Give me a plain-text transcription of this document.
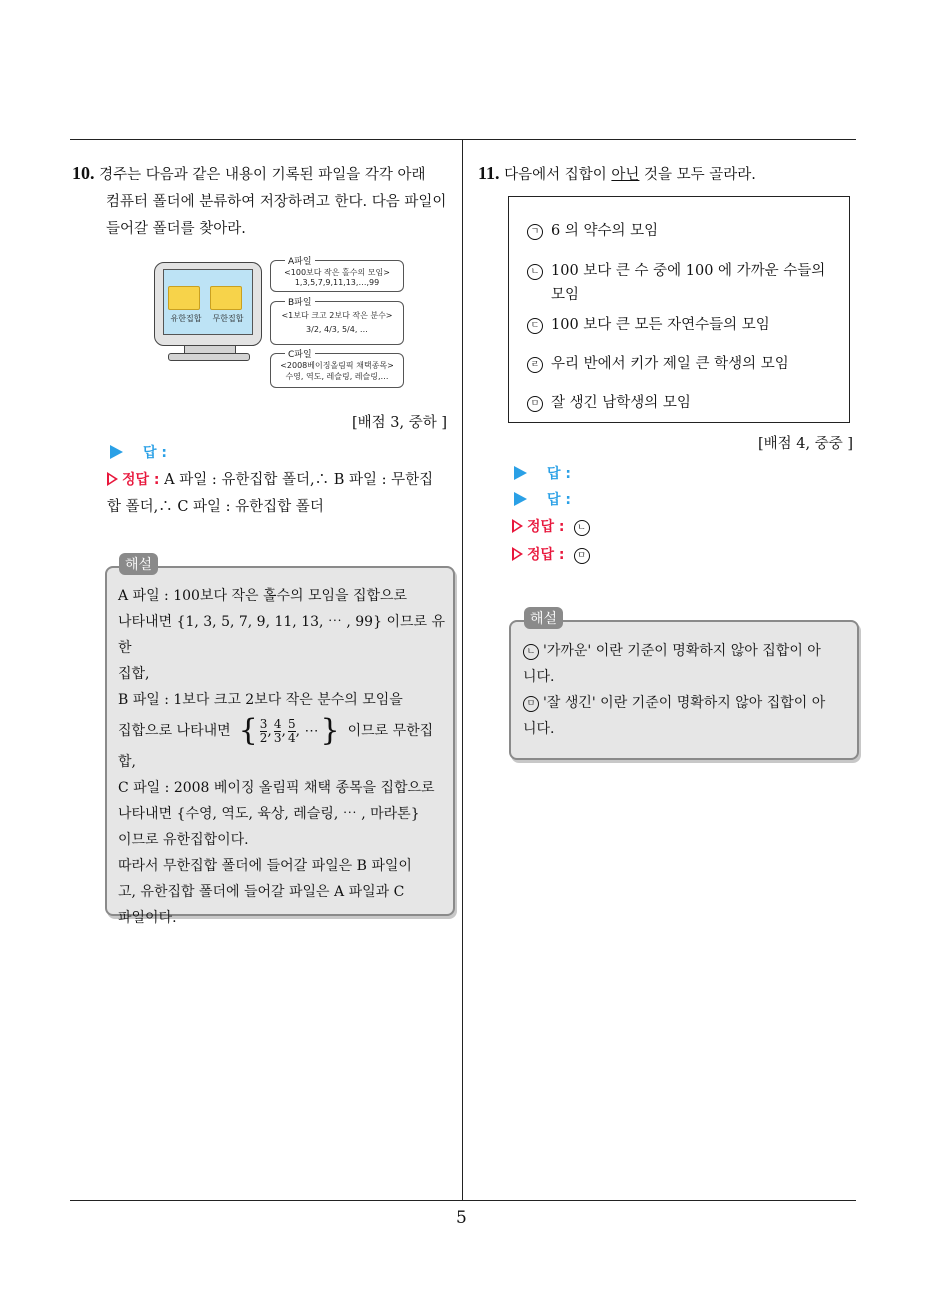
10. 경주는 다음과 같은 내용이 기록된 파일을 각각 아래
컴퓨터 폴더에 분류하여 저장하려고 한다. 다음 파일이
들어갈 폴더를 찾아라.
유한집합	무한집합
A파일
<100보다 작은 홀수의 모임>
1,3,5,7,9,11,13,…,99
B파일
<1보다 크고 2보다 작은 분수>
3/2, 4/3, 5/4, …
C파일
<2008베이징올림픽 채택종목>
수영, 역도, 레슬링, 레슬링,…
[배점 3, 중하 ]
답 :
정답 : A 파일 : 유한집합 폴더,∴ B 파일 : 무한집
합 폴더,∴ C 파일 : 유한집합 폴더
해설
A 파일 : 100보다 작은 홀수의 모임을 집합으로
나타내면 {1, 3, 5, 7, 9, 11, 13, ⋯ , 99} 이므로 유한
집합,
B 파일 : 1보다 크고 2보다 작은 분수의 모임을
집합으로 나타내면 { $\frac{3}{2}$ , $\frac{4}{3}$ , $\frac{5}{4}$ , ⋯ } 이므로 무한집
합,
C 파일 : 2008 베이징 올림픽 채택 종목을 집합으로
나타내면 {수영, 역도, 육상, 레슬링, ⋯ , 마라톤}
이므로 유한집합이다.
따라서 무한집합 폴더에 들어갈 파일은 B 파일이
고, 유한집합 폴더에 들어갈 파일은 A 파일과 C
파일이다.
11. 다음에서 집합이 아닌 것을 모두 골라라.
ㄱ 6 의 약수의 모임
ㄴ 100 보다 큰 수 중에 100 에 가까운 수들의
모임
ㄷ 100 보다 큰 모든 자연수들의 모임
ㄹ 우리 반에서 키가 제일 큰 학생의 모임
ㅁ 잘 생긴 남학생의 모임
[배점 4, 중중 ]
답 :
답 :
정답 : ㄴ
정답 : ㅁ
해설
ㄴ '가까운' 이란 기준이 명확하지 않아 집합이 아
니다.
ㅁ '잘 생긴' 이란 기준이 명확하지 않아 집합이 아
니다.
5
